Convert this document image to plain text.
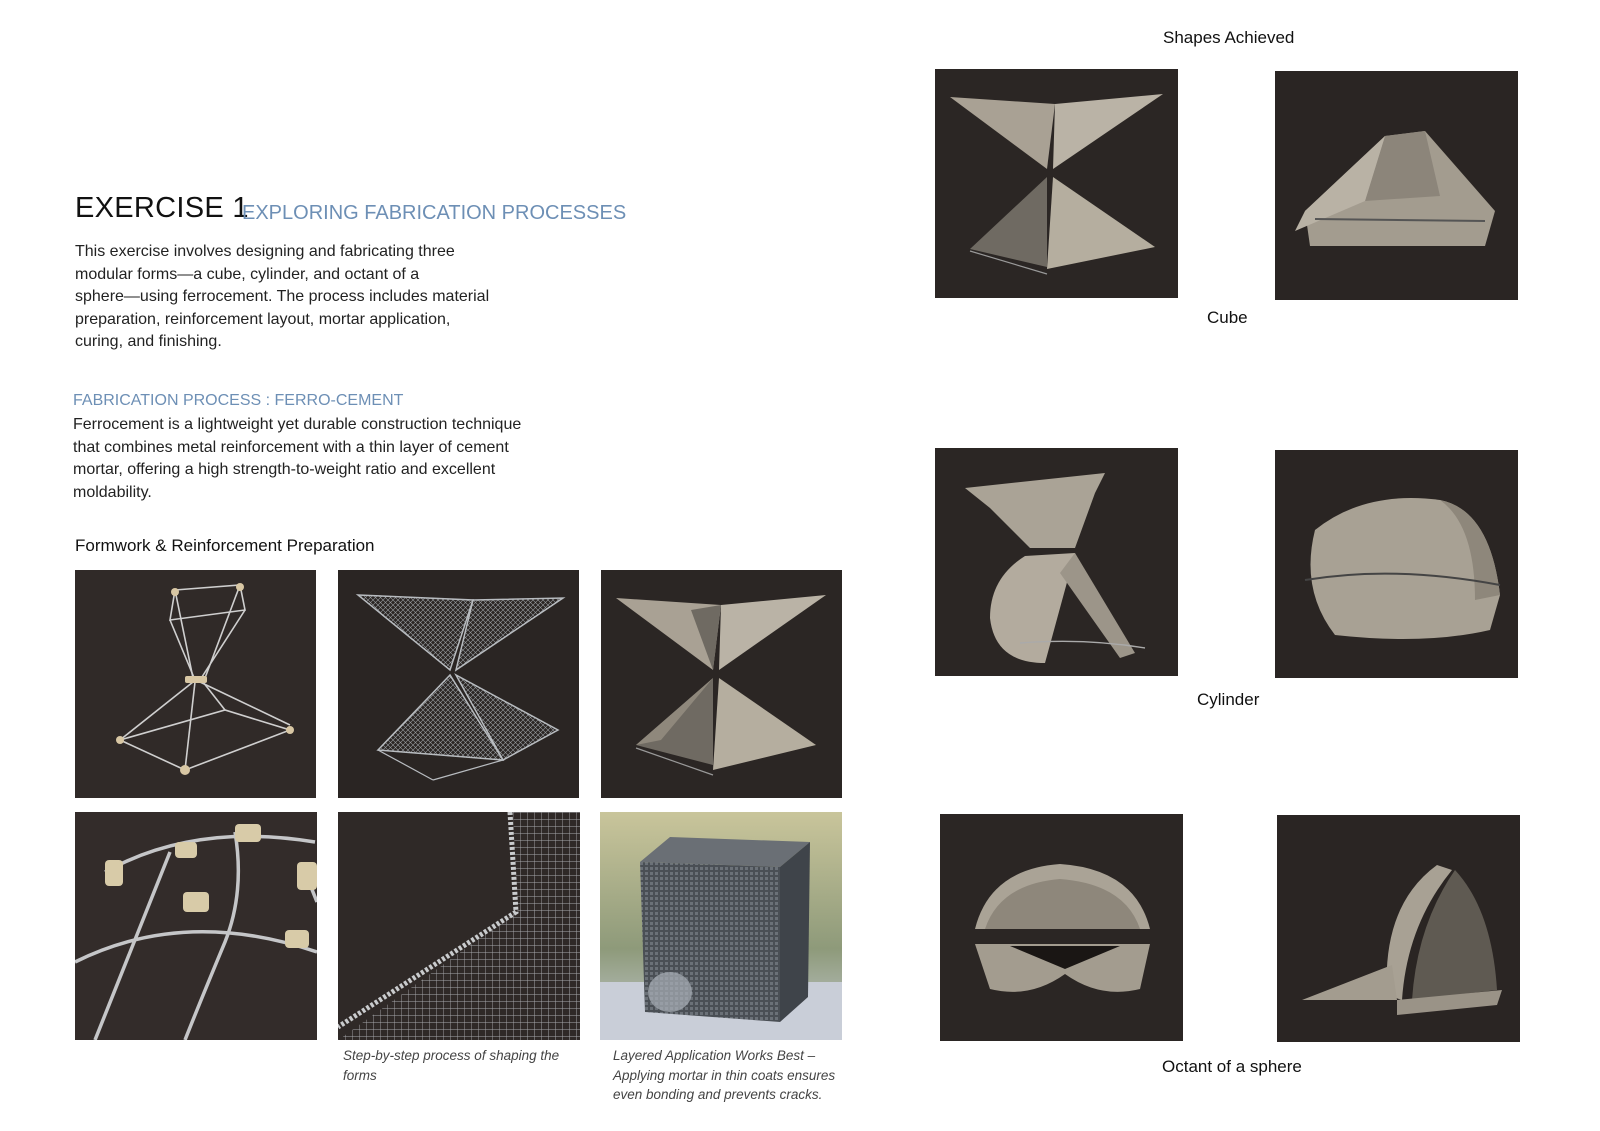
EXERCISE 1
EXPLORING FABRICATION PROCESSES
This exercise involves designing and fabricating three
modular forms—a cube, cylinder, and octant of a
sphere—using ferrocement. The process includes material
preparation, reinforcement layout, mortar application,
curing, and finishing.
FABRICATION PROCESS : FERRO-CEMENT
Ferrocement is a lightweight yet durable construction technique
that combines metal reinforcement with a thin layer of cement
mortar, offering a high strength-to-weight ratio and excellent
moldability.
Formwork & Reinforcement Preparation
Step-by-step process of shaping the
forms
Layered Application Works Best –
Applying mortar in thin coats ensures
even bonding and prevents cracks.
Shapes Achieved
Cube
Cylinder
Octant of a sphere
